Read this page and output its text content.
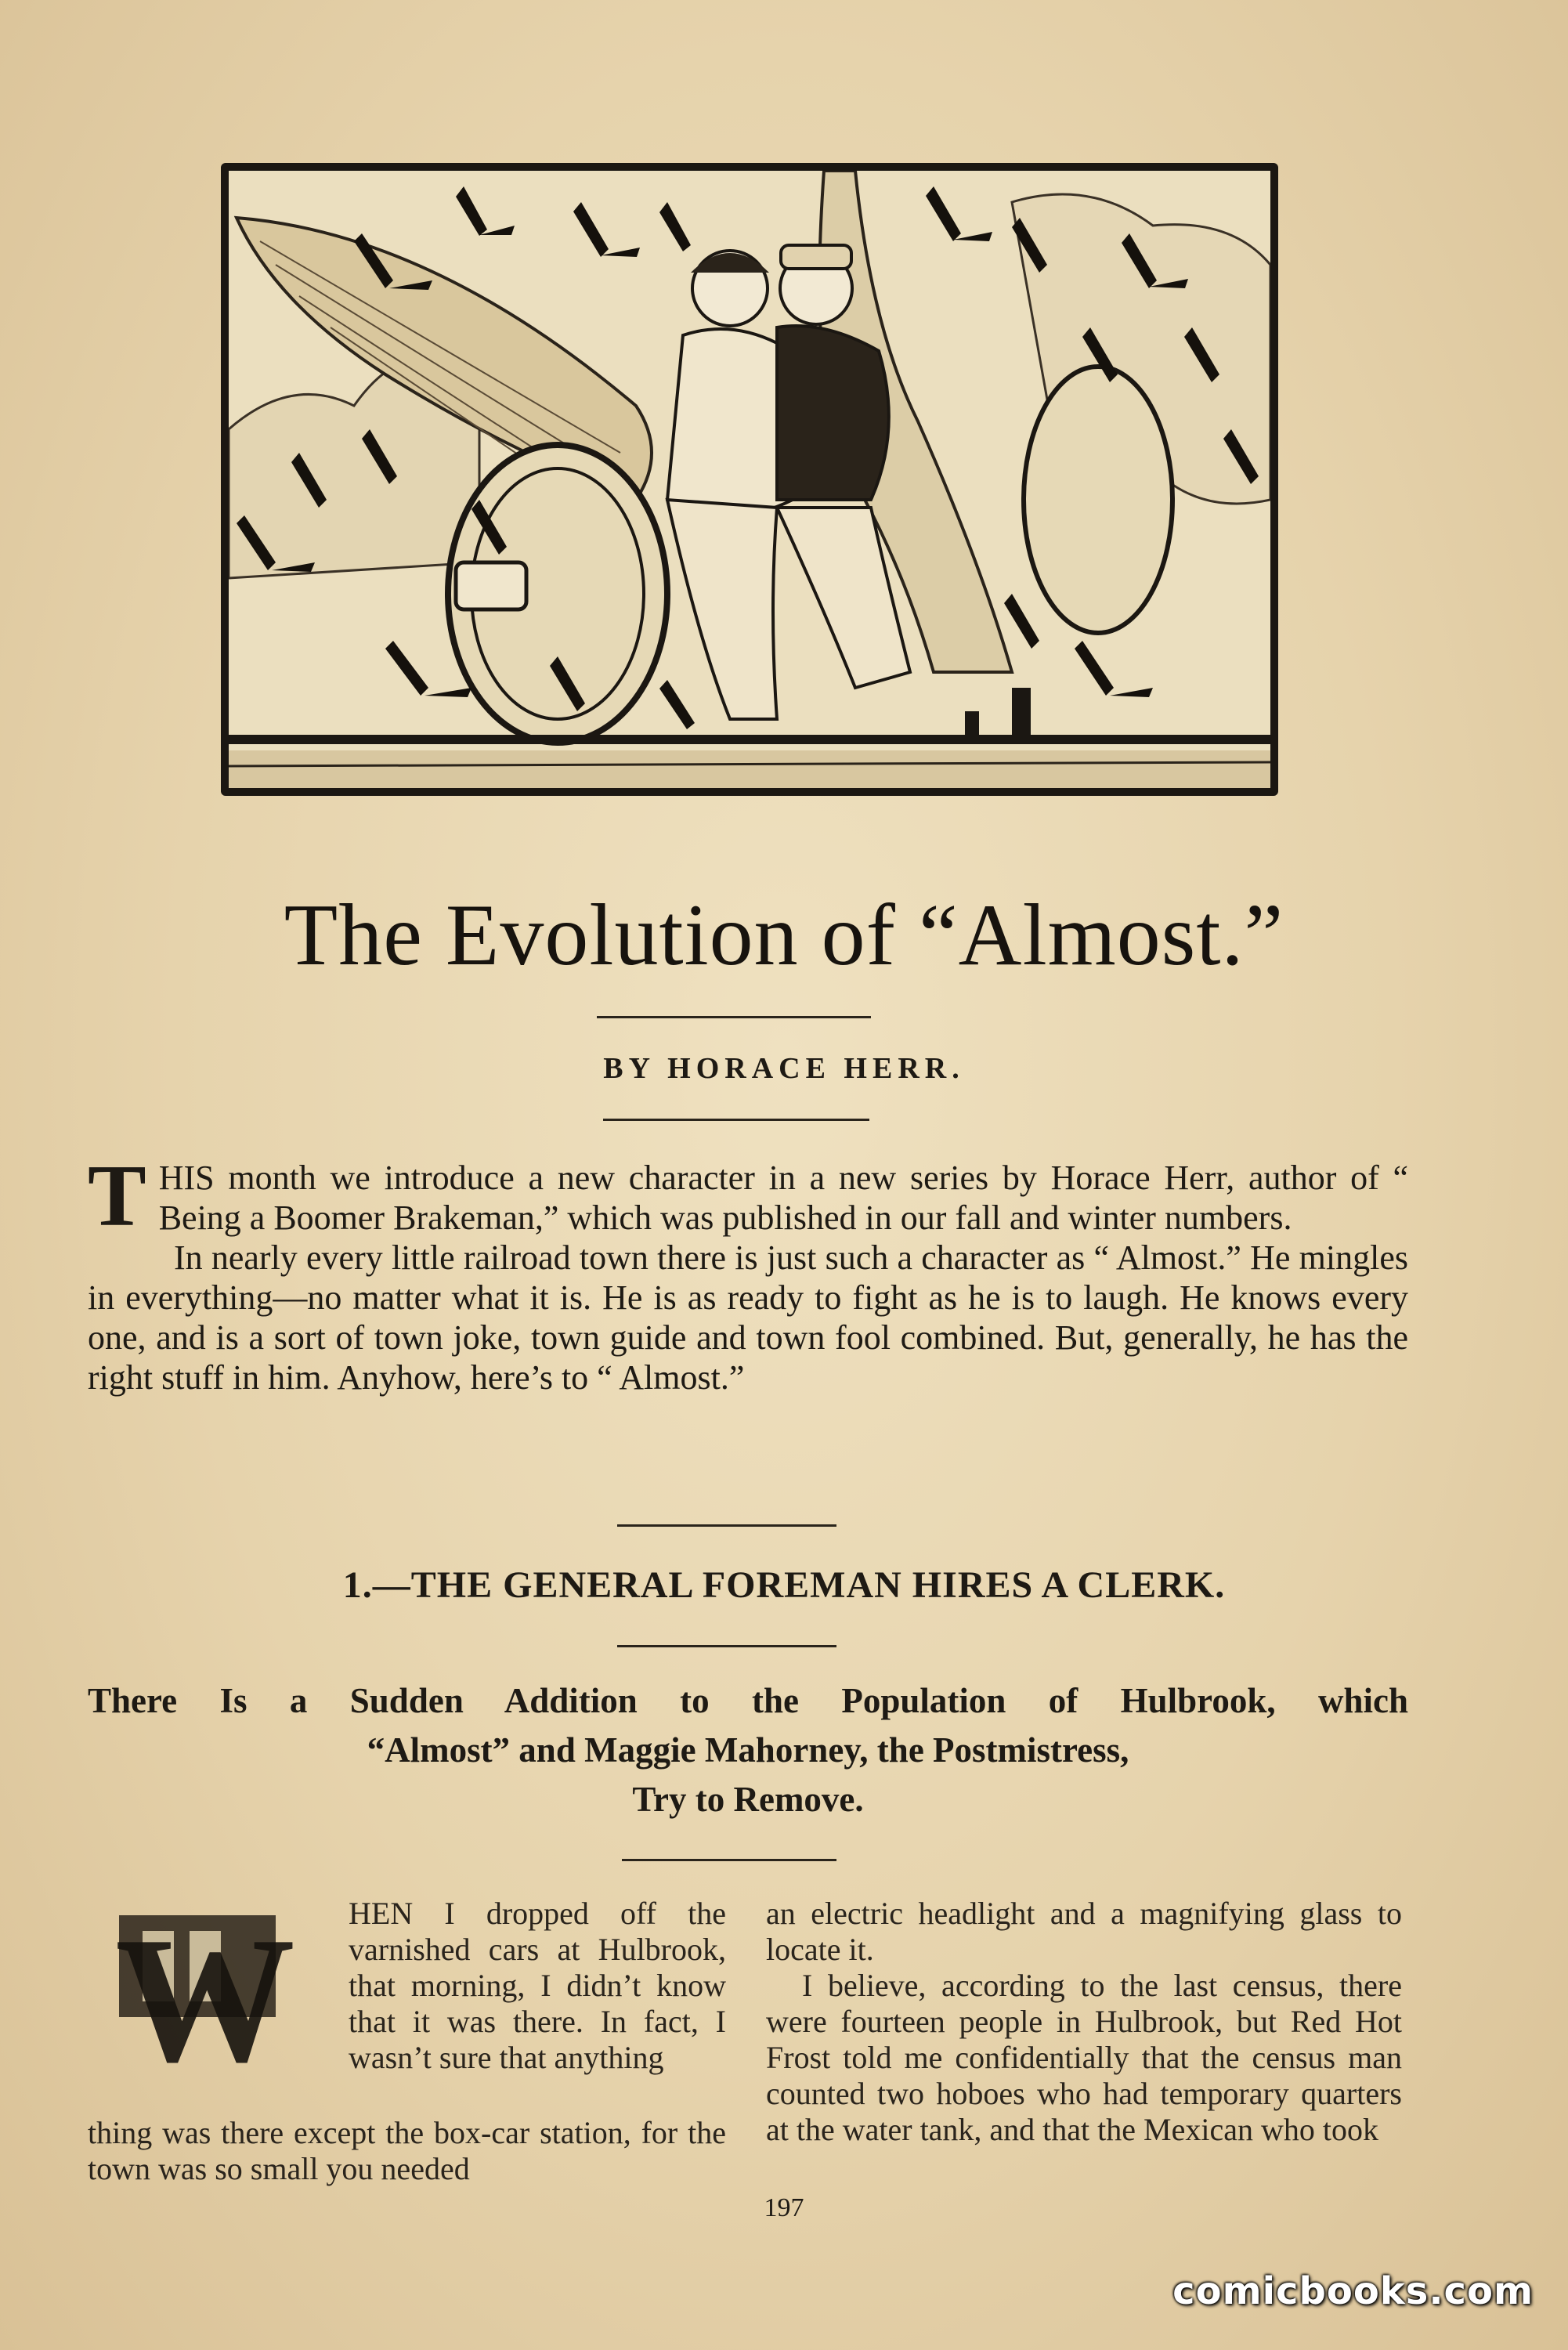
The Evolution of “Almost.”
BY HORACE HERR.

THIS month we introduce a new character in a new series by Horace Herr, author of “ Being a Boomer Brakeman,” which was published in our fall and winter numbers.

In nearly every little railroad town there is just such a character as “ Almost.” He mingles in everything—no matter what it is. He is as ready to fight as he is to laugh. He knows every one, and is a sort of town joke, town guide and town fool combined. But, generally, he has the right stuff in him. Anyhow, here’s to “ Almost.”

1.—THE GENERAL FOREMAN HIRES A CLERK.
There Is a Sudden Addition to the Population of Hulbrook, which
“Almost” and Maggie Mahorney, the Postmistress,
Try to Remove.
W HEN I dropped off the varnished cars at Hulbrook, that morning, I didn’t know that it was there. In fact, I wasn’t sure that anything
thing was there except the box-car station, for the town was so small you needed

an electric headlight and a magnifying glass to locate it.

I believe, according to the last census, there were fourteen people in Hulbrook, but Red Hot Frost told me confidentially that the census man counted two hoboes who had temporary quarters at the water tank, and that the Mexican who took

197
comicbooks.com
